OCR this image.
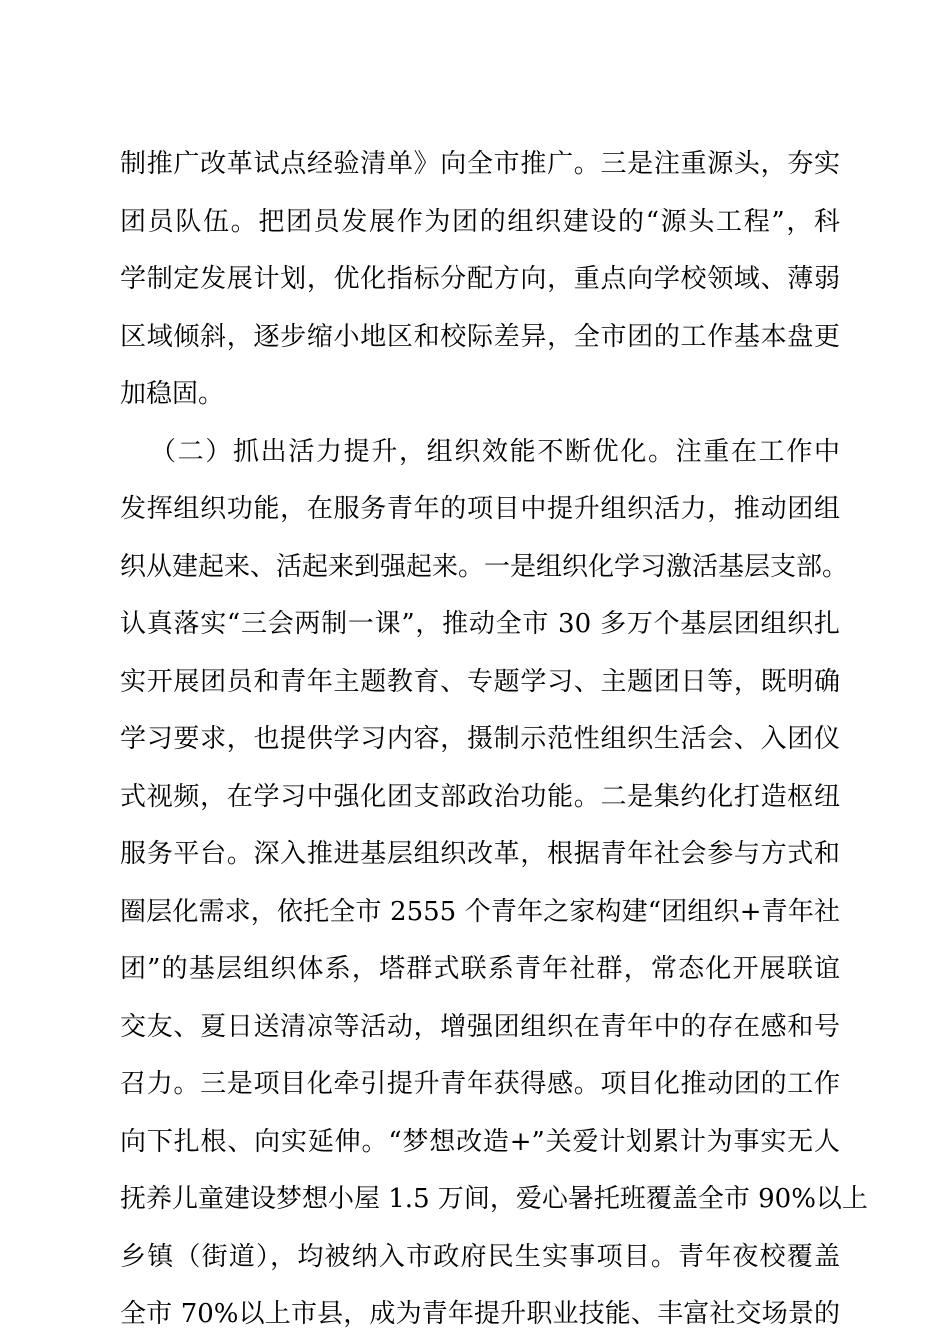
制推广改革试点经验清单》向全市推广。三是注重源头，夯实
团员队伍。把团员发展作为团的组织建设的“源头工程”，科
学制定发展计划，优化指标分配方向，重点向学校领域、薄弱
区域倾斜，逐步缩小地区和校际差异，全市团的工作基本盘更
加稳固。
（二）抓出活力提升，组织效能不断优化。注重在工作中
发挥组织功能，在服务青年的项目中提升组织活力，推动团组
织从建起来、活起来到强起来。一是组织化学习激活基层支部。
认真落实“三会两制一课”，推动全市 30 多万个基层团组织扎
实开展团员和青年主题教育、专题学习、主题团日等，既明确
学习要求，也提供学习内容，摄制示范性组织生活会、入团仪
式视频，在学习中强化团支部政治功能。二是集约化打造枢纽
服务平台。深入推进基层组织改革，根据青年社会参与方式和
圈层化需求，依托全市 2555 个青年之家构建“团组织+青年社
团”的基层组织体系，塔群式联系青年社群，常态化开展联谊
交友、夏日送清凉等活动，增强团组织在青年中的存在感和号
召力。三是项目化牵引提升青年获得感。项目化推动团的工作
向下扎根、向实延伸。“梦想改造+”关爱计划累计为事实无人
抚养儿童建设梦想小屋 1.5 万间，爱心暑托班覆盖全市 90%以上
乡镇（街道），均被纳入市政府民生实事项目。青年夜校覆盖
全市 70%以上市县，成为青年提升职业技能、丰富社交场景的
